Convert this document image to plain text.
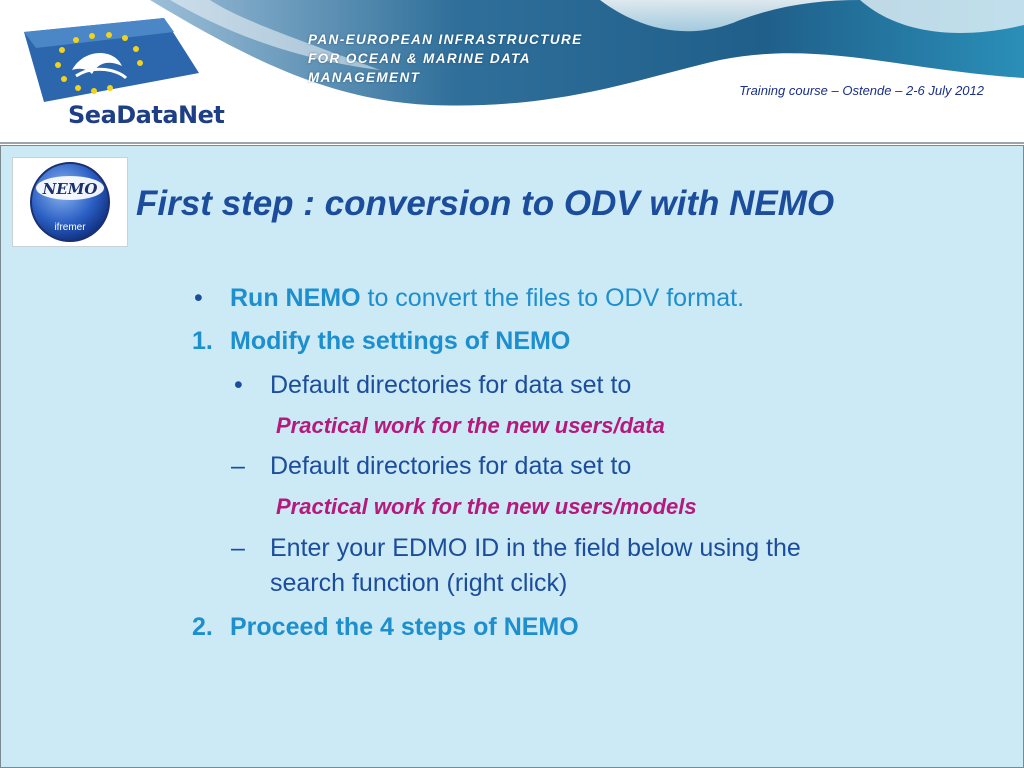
SeaDataNet
PAN-EUROPEAN INFRASTRUCTURE
FOR OCEAN & MARINE DATA
MANAGEMENT
Training course – Ostende – 2-6 July 2012
NEMO
ifremer
First step : conversion to ODV with NEMO
• Run NEMO to convert the files to ODV format.
1. Modify the settings of NEMO
• Default directories for data set to
Practical work for the new users/data
– Default directories for data set to
Practical work for the new users/models
– Enter your EDMO ID in the field below using the
search function (right click)
2. Proceed the 4 steps of NEMO
